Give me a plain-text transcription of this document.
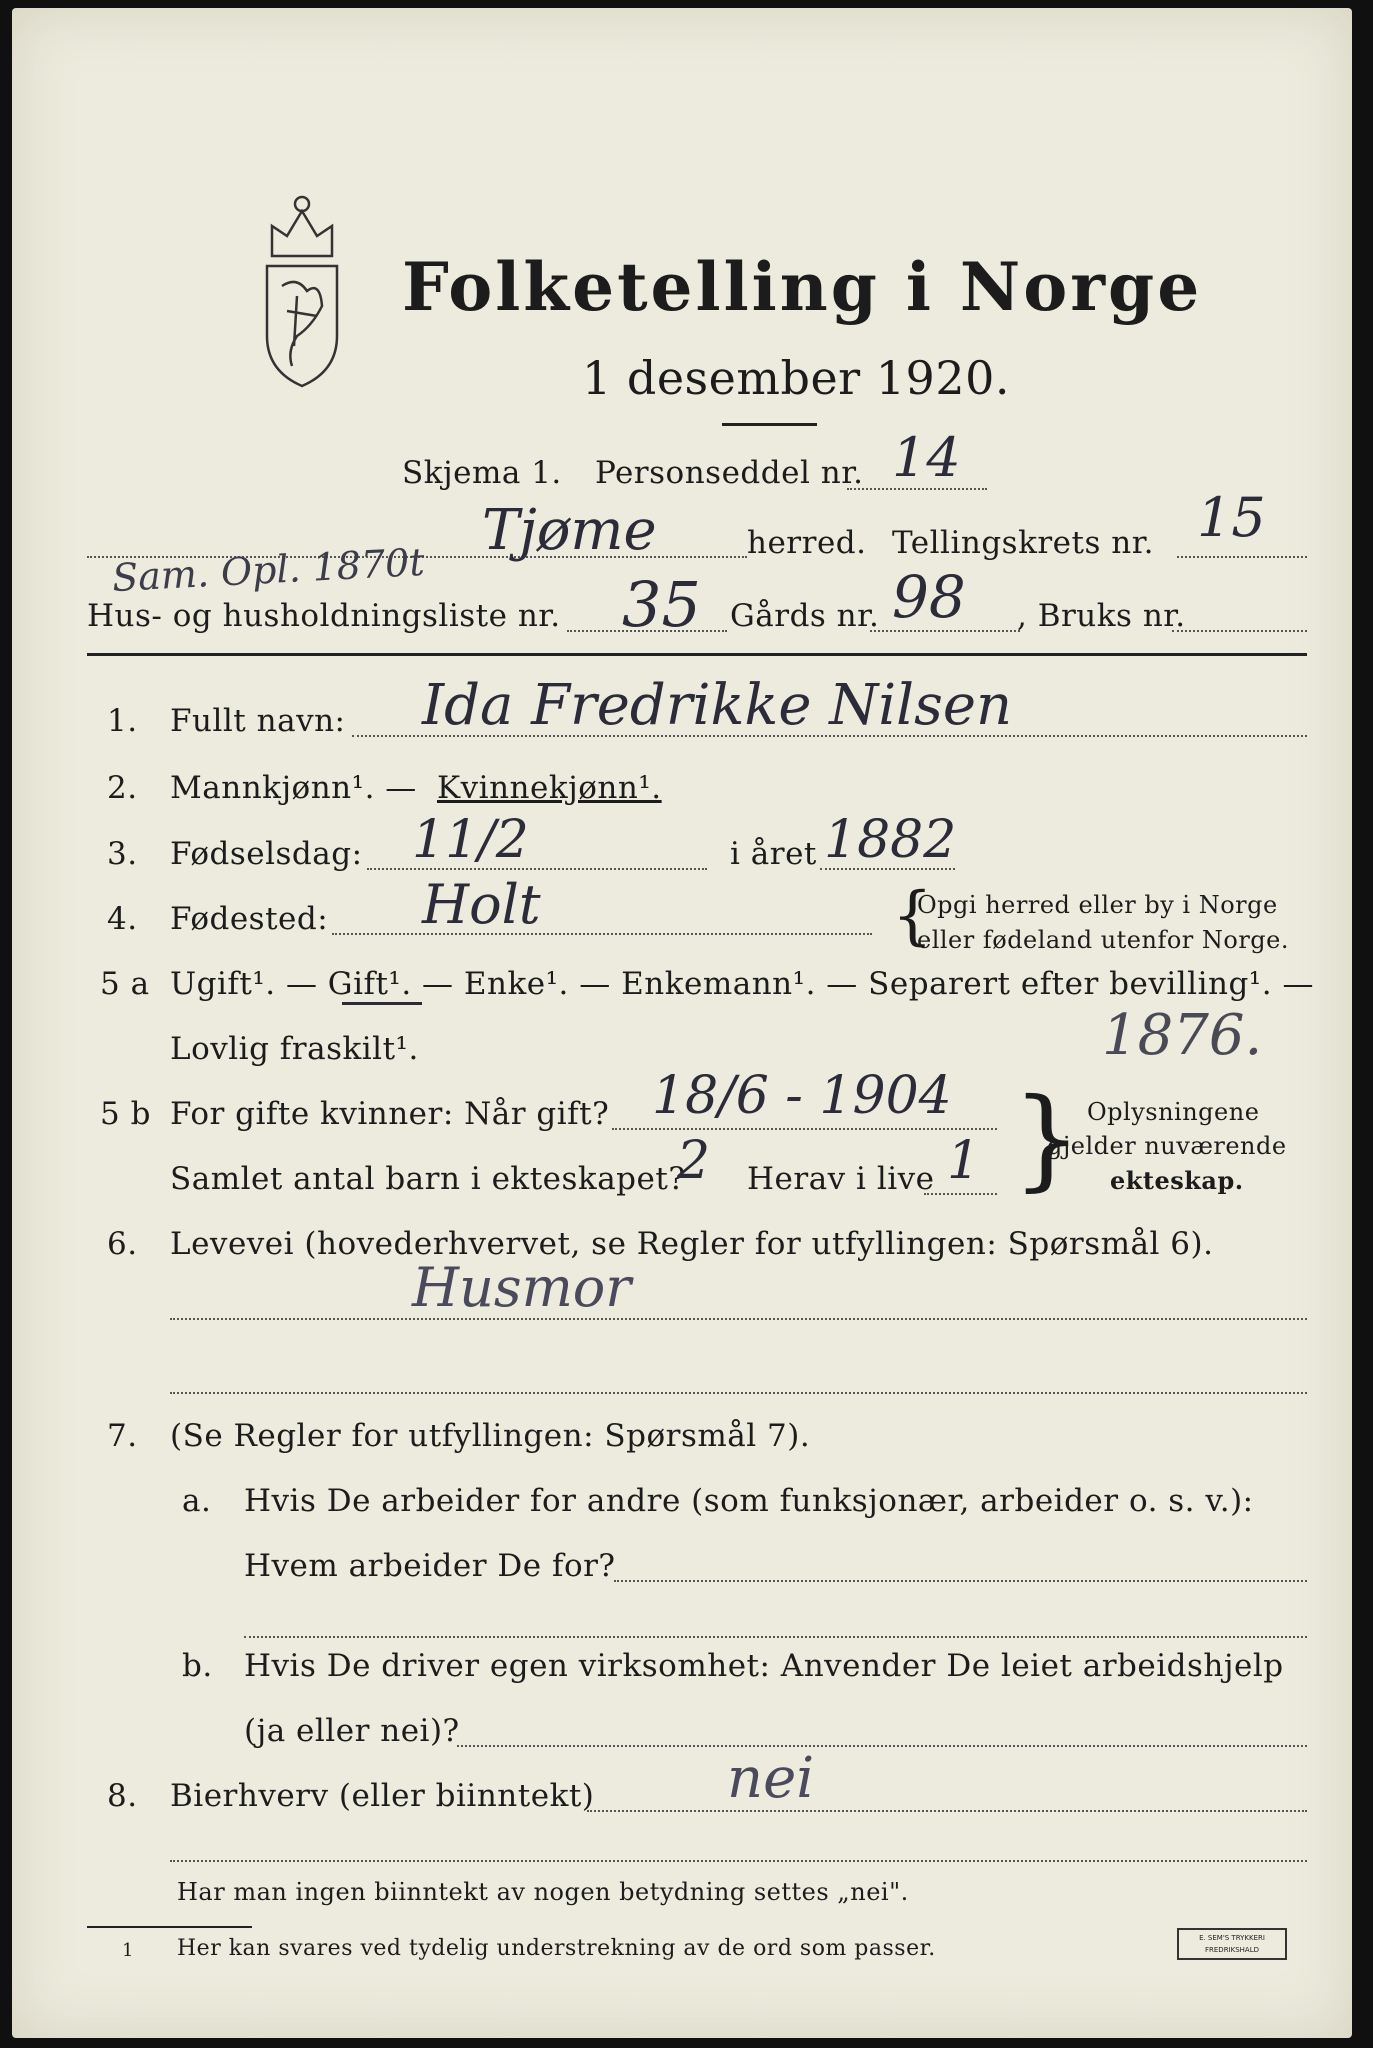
Folketelling i Norge
1 desember 1920.
Skjema 1. Personseddel nr. 14
Tjøme
Sam. Opl. 1870t	herred. Tellingskrets nr. 15
Hus- og husholdningsliste nr. 35 Gårds nr. 98 , Bruks nr.
1. Fullt navn: Ida Fredrikke Nilsen
2. Mannkjønn¹. — Kvinnekjønn¹.
3. Fødselsdag: 11/2	i året 1882
4. Fødested: Holt	{
Opgi herred eller by i Norge
eller fødeland utenfor Norge.
5 a Ugift¹. — Gift¹. — Enke¹. — Enkemann¹. — Separert efter bevilling¹. —
Lovlig fraskilt¹.	1876.
5 b For gifte kvinner: Når gift? 18/6 - 1904
Samlet antal barn i ekteskapet?
2 Herav i live 1 } Oplysningene
gjelder nuværende
ekteskap.
6. Levevei (hovederhvervet, se Regler for utfyllingen: Spørsmål 6).
Husmor
7. (Se Regler for utfyllingen: Spørsmål 7).
a. Hvis De arbeider for andre (som funksjonær, arbeider o. s. v.):
Hvem arbeider De for?
b. Hvis De driver egen virksomhet: Anvender De leiet arbeidshjelp
(ja eller nei)?
8. Bierhverv (eller biinntekt) nei
Har man ingen biinntekt av nogen betydning settes „nei".
1 Her kan svares ved tydelig understrekning av de ord som passer.	E. SEM'S TRYKKERI FREDRIKSHALD
